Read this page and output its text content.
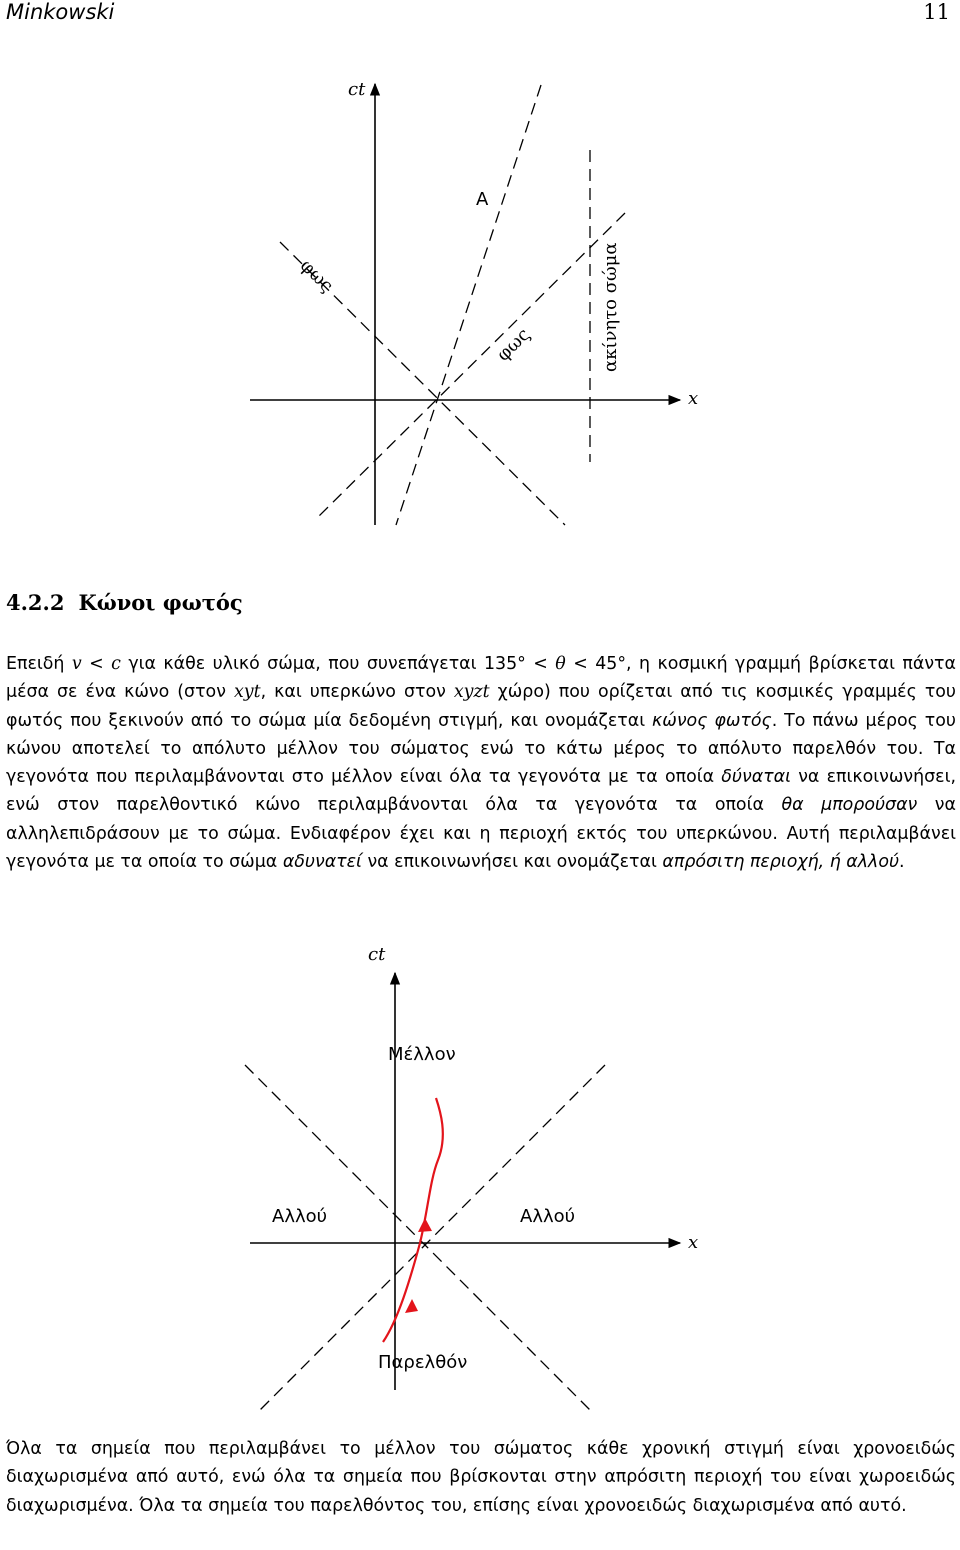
Minkowski	11
ct
x
A
φως
φως	ακίνητο σώμα
4.2.2 Κώνοι φωτός
Επειδή v < c για κάθε υλικό σώμα, που συνεπάγεται 135° < θ < 45°, η κοσμική γραμμή βρίσκεται πάντα μέσα σε ένα κώνο (στον xyt, και υπερκώνο στον xyzt χώρο) που ορίζεται από τις κοσμικές γραμμές του φωτός που ξεκινούν από το σώμα μία δεδομένη στιγμή, και ονομάζεται κώνος φωτός. Το πάνω μέρος του κώνου αποτελεί το απόλυτο μέλλον του σώματος ενώ το κάτω μέρος το απόλυτο παρελθόν του. Τα γεγονότα που περιλαμβάνονται στο μέλλον είναι όλα τα γεγονότα με τα οποία δύναται να επικοινωνήσει, ενώ στον παρελθοντικό κώνο περιλαμβάνονται όλα τα γεγονότα τα οποία θα μπορούσαν να αλληλεπιδράσουν με το σώμα. Ενδιαφέρον έχει και η περιοχή εκτός του υπερκώνου. Αυτή περιλαμβάνει γεγονότα με τα οποία το σώμα αδυνατεί να επικοινωνήσει και ονομάζεται απρόσιτη περιοχή, ή αλλού.
ct
x
Μέλλον
Αλλού	Αλλού
Παρελθόν
Όλα τα σημεία που περιλαμβάνει το μέλλον του σώματος κάθε χρονική στιγμή είναι χρονοειδώς διαχωρισμένα από αυτό, ενώ όλα τα σημεία που βρίσκονται στην απρόσιτη περιοχή του είναι χωροειδώς διαχωρισμένα. Όλα τα σημεία του παρελθόντος του, επίσης είναι χρονοειδώς διαχωρισμένα από αυτό.
